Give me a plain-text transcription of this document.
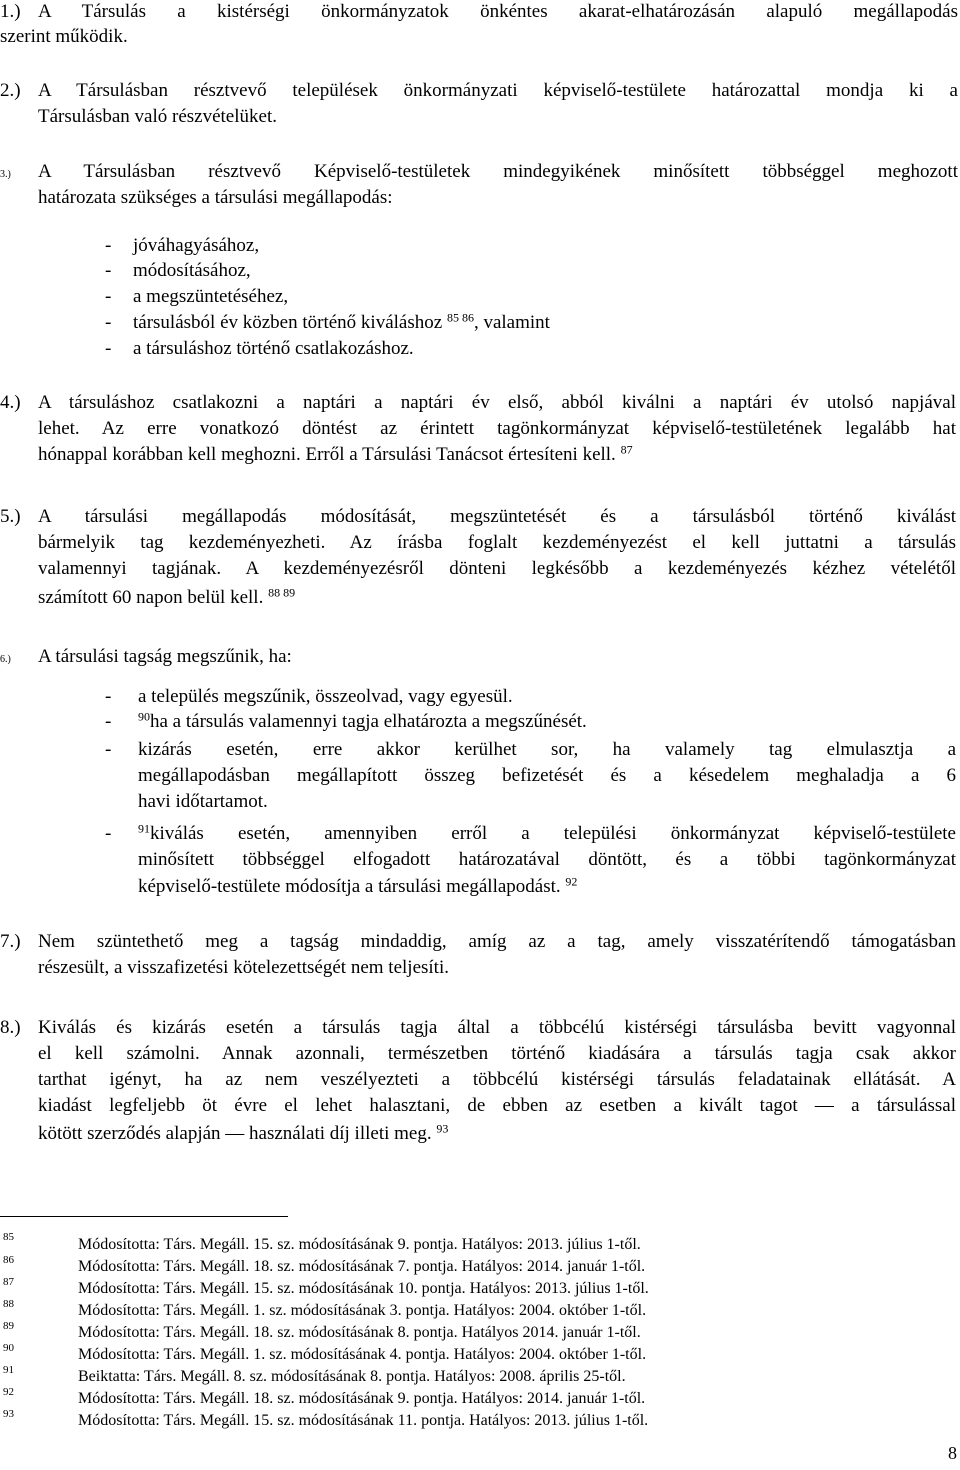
1.) A Társulás a kistérségi önkormányzatok önkéntes akarat-elhatározásán alapuló megállapodás
szerint működik.
2.) A Társulásban résztvevő települések önkormányzati képviselő-testülete határozattal mondja ki a
Társulásban való részvételüket.
3.) A Társulásban résztvevő Képviselő-testületek mindegyikének minősített többséggel meghozott
határozata szükséges a társulási megállapodás:
- jóváhagyásához,
- módosításához,
- a megszüntetéséhez,
- társulásból év közben történő kiváláshoz $^{85 86}$, valamint
- a társuláshoz történő csatlakozáshoz.
4.) A társuláshoz csatlakozni a naptári a naptári év első, abból kiválni a naptári év utolsó napjával
lehet. Az erre vonatkozó döntést az érintett tagönkormányzat képviselő-testületének legalább hat
hónappal korábban kell meghozni. Erről a Társulási Tanácsot értesíteni kell. $^{87}$
5.) A társulási megállapodás módosítását, megszüntetését és a társulásból történő kiválást
bármelyik tag kezdeményezheti. Az írásba foglalt kezdeményezést el kell juttatni a társulás
valamennyi tagjának. A kezdeményezésről dönteni legkésőbb a kezdeményezés kézhez vételétől
számított 60 napon belül kell. $^{88 89}$
6.) A társulási tagság megszűnik, ha:
- a település megszűnik, összeolvad, vagy egyesül.
- $^{90}$ha a társulás valamennyi tagja elhatározta a megszűnését.
- kizárás esetén, erre akkor kerülhet sor, ha valamely tag elmulasztja a
megállapodásban megállapított összeg befizetését és a késedelem meghaladja a 6
havi időtartamot.
- $^{91}$kiválás esetén, amennyiben erről a települési önkormányzat képviselő-testülete
minősített többséggel elfogadott határozatával döntött, és a többi tagönkormányzat
képviselő-testülete módosítja a társulási megállapodást. $^{92}$
7.) Nem szüntethető meg a tagság mindaddig, amíg az a tag, amely visszatérítendő támogatásban
részesült, a visszafizetési kötelezettségét nem teljesíti.
8.) Kiválás és kizárás esetén a társulás tagja által a többcélú kistérségi társulásba bevitt vagyonnal
el kell számolni. Annak azonnali, természetben történő kiadására a társulás tagja csak akkor
tarthat igényt, ha az nem veszélyezteti a többcélú kistérségi társulás feladatainak ellátását. A
kiadást legfeljebb öt évre el lehet halasztani, de ebben az esetben a kivált tagot — a társulással
kötött szerződés alapján — használati díj illeti meg. $^{93}$
85	Módosította: Társ. Megáll. 15. sz. módosításának 9. pontja. Hatályos: 2013. július 1-től.
86	Módosította: Társ. Megáll. 18. sz. módosításának 7. pontja. Hatályos: 2014. január 1-től.
87	Módosította: Társ. Megáll. 15. sz. módosításának 10. pontja. Hatályos: 2013. július 1-től.
88	Módosította: Társ. Megáll. 1. sz. módosításának 3. pontja. Hatályos: 2004. október 1-től.
89	Módosította: Társ. Megáll. 18. sz. módosításának 8. pontja. Hatályos 2014. január 1-től.
90	Módosította: Társ. Megáll. 1. sz. módosításának 4. pontja. Hatályos: 2004. október 1-től.
91	Beiktatta: Társ. Megáll. 8. sz. módosításának 8. pontja. Hatályos: 2008. április 25-től.
92	Módosította: Társ. Megáll. 18. sz. módosításának 9. pontja. Hatályos: 2014. január 1-től.
93	Módosította: Társ. Megáll. 15. sz. módosításának 11. pontja. Hatályos: 2013. július 1-től.
8
